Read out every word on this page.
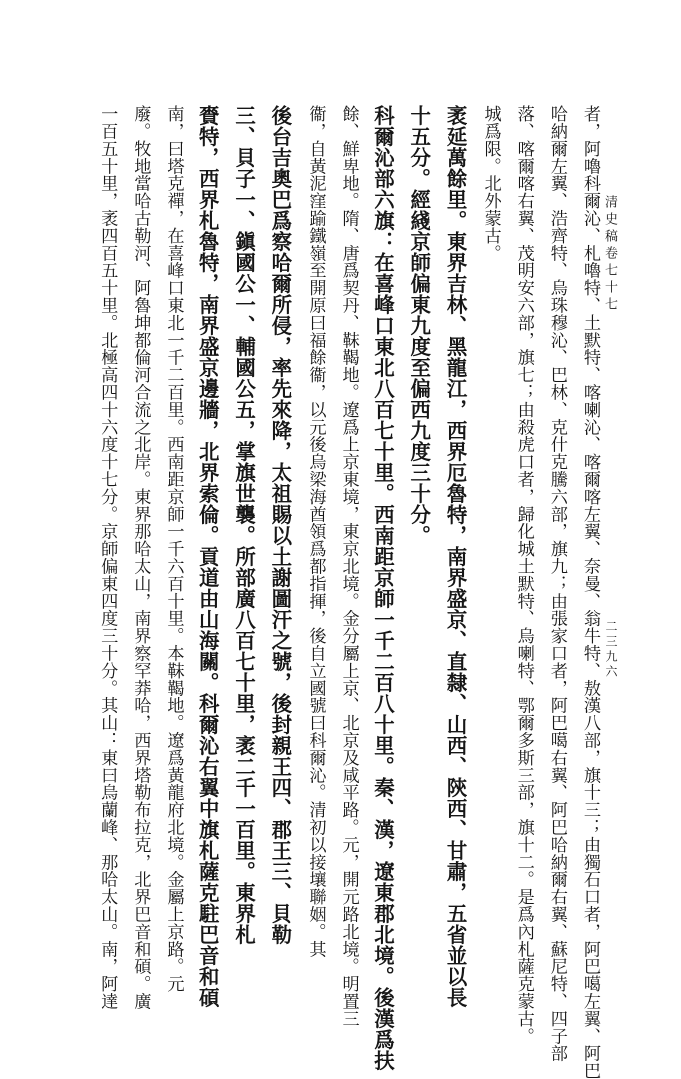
清史稿卷七十七
二三九六
者，阿嚕科爾沁、札嚕特、土默特、喀喇沁、喀爾喀左翼、奈曼、翁牛特、敖漢八部，旗十三；由獨石口者，阿巴噶左翼、阿巴
哈納爾左翼、浩齊特、烏珠穆沁、巴林、克什克騰六部，旗九；由張家口者，阿巴噶右翼、阿巴哈納爾右翼、蘇尼特、四子部
落、喀爾喀右翼、茂明安六部，旗七；由殺虎口者，歸化城土默特、烏喇特、鄂爾多斯三部，旗十二。是爲內札薩克蒙古。
城爲限。北外蒙古。
袤延萬餘里。東界吉林、黑龍江，西界厄魯特，南界盛京、直隸、山西、陝西、甘肅，五省並以長
十五分。經綫京師偏東九度至偏西九度三十分。
科爾沁部六旗：在喜峰口東北八百七十里。西南距京師一千二百八十里。秦、漢，遼東郡北境。後漢爲扶
餘、鮮卑地。隋、唐爲契丹、靺鞨地。遼爲上京東境，東京北境。金分屬上京、北京及咸平路。元，開元路北境。明置三
衞，自黃泥窪踰鐵嶺至開原曰福餘衞，以元後烏梁海酋領爲都指揮，後自立國號曰科爾沁。清初以接壤聯姻。其
後台吉奧巴爲察哈爾所侵，率先來降，太祖賜以土謝圖汗之號，後封親王四、郡王三、貝勒
三、貝子一、鎭國公一、輔國公五，掌旗世襲。所部廣八百七十里，袤二千一百里。東界札
賚特，西界札魯特，南界盛京邊牆，北界索倫。貢道由山海關。科爾沁右翼中旗札薩克駐巴音和碩
南，曰塔克禪，在喜峰口東北一千二百里。西南距京師一千六百十里。本靺鞨地。遼爲黃龍府北境。金屬上京路。元
廢。牧地當哈古勒河、阿魯坤都倫河合流之北岸。東界那哈太山，南界察罕莽哈，西界塔勒布拉克，北界巴音和碩。廣
一百五十里，袤四百五十里。北極高四十六度十七分。京師偏東四度三十分。其山：東曰烏蘭峰、那哈太山。南，阿達
